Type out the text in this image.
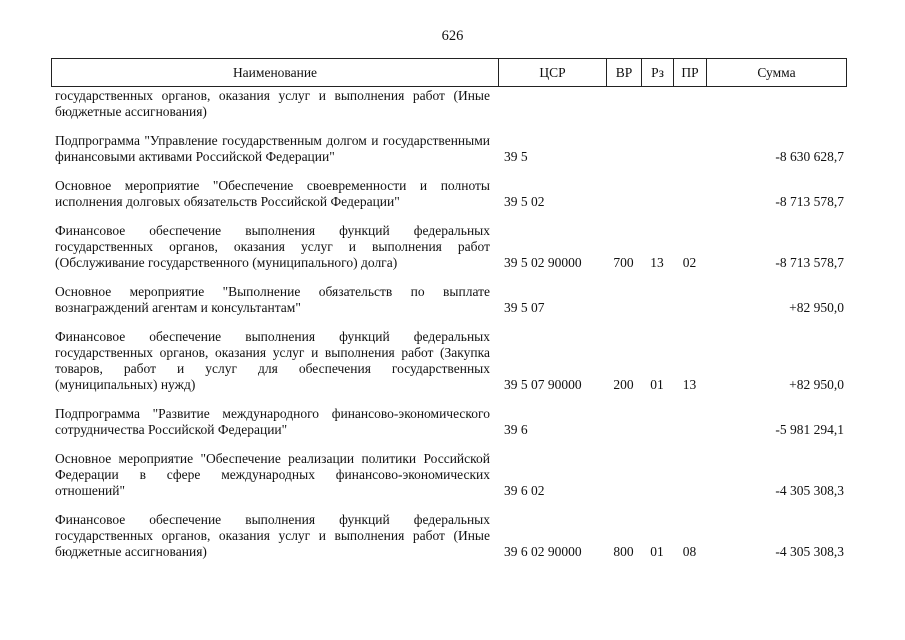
626
Наименование	ЦСР	ВР	Рз	ПР	Сумма
государственных органов, оказания услуг и выполнения работ (Иные бюджетные ассигнования)					
Подпрограмма "Управление государственным долгом и государственными финансовыми активами Российской Федерации"	39 5				-8 630 628,7
Основное мероприятие "Обеспечение своевременности и полноты исполнения долговых обязательств Российской Федерации"	39 5 02				-8 713 578,7
Финансовое обеспечение выполнения функций федеральных государственных органов, оказания услуг и выполнения работ (Обслуживание государственного (муниципального) долга)	39 5 02 90000	700	13	02	-8 713 578,7
Основное мероприятие "Выполнение обязательств по выплате вознаграждений агентам и консультантам"	39 5 07				+82 950,0
Финансовое обеспечение выполнения функций федеральных государственных органов, оказания услуг и выполнения работ (Закупка товаров, работ и услуг для обеспечения государственных (муниципальных) нужд)	39 5 07 90000	200	01	13	+82 950,0
Подпрограмма "Развитие международного финансово-экономического сотрудничества Российской Федерации"	39 6				-5 981 294,1
Основное мероприятие "Обеспечение реализации политики Российской Федерации в сфере международных финансово-экономических отношений"	39 6 02				-4 305 308,3
Финансовое обеспечение выполнения функций федеральных государственных органов, оказания услуг и выполнения работ (Иные бюджетные ассигнования)	39 6 02 90000	800	01	08	-4 305 308,3
